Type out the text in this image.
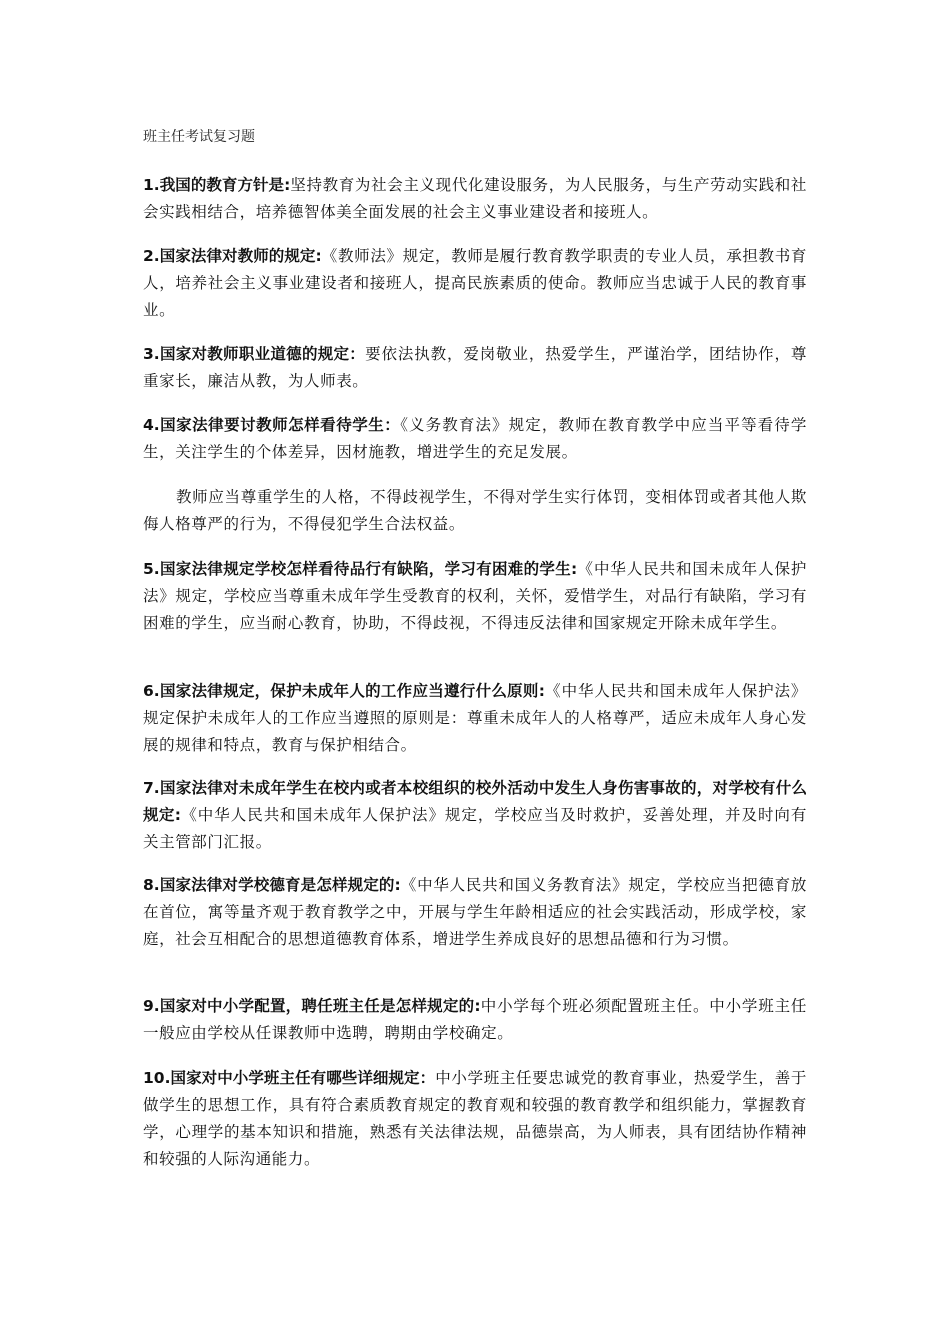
班主任考试复习题

1.我国的教育方针是:坚持教育为社会主义现代化建设服务，为人民服务，与生产劳动实践和社会实践相结合，培养德智体美全面发展的社会主义事业建设者和接班人。

2.国家法律对教师的规定:《教师法》规定，教师是履行教育教学职责的专业人员，承担教书育人，培养社会主义事业建设者和接班人，提高民族素质的使命。教师应当忠诚于人民的教育事业。

3.国家对教师职业道德的规定：要依法执教，爱岗敬业，热爱学生，严谨治学，团结协作，尊重家长，廉洁从教，为人师表。

4.国家法律要讨教师怎样看待学生：《义务教育法》规定，教师在教育教学中应当平等看待学生，关注学生的个体差异，因材施教，增进学生的充足发展。

教师应当尊重学生的人格，不得歧视学生，不得对学生实行体罚，变相体罚或者其他人欺侮人格尊严的行为，不得侵犯学生合法权益。

5.国家法律规定学校怎样看待品行有缺陷，学习有困难的学生:《中华人民共和国未成年人保护法》规定，学校应当尊重未成年学生受教育的权利，关怀，爱惜学生，对品行有缺陷，学习有困难的学生，应当耐心教育，协助，不得歧视，不得违反法律和国家规定开除未成年学生。

6.国家法律规定，保护未成年人的工作应当遵行什么原则:《中华人民共和国未成年人保护法》规定保护未成年人的工作应当遵照的原则是：尊重未成年人的人格尊严，适应未成年人身心发展的规律和特点，教育与保护相结合。

7.国家法律对未成年学生在校内或者本校组织的校外活动中发生人身伤害事故的，对学校有什么规定:《中华人民共和国未成年人保护法》规定，学校应当及时救护，妥善处理，并及时向有关主管部门汇报。

8.国家法律对学校德育是怎样规定的:《中华人民共和国义务教育法》规定，学校应当把德育放在首位，寓等量齐观于教育教学之中，开展与学生年龄相适应的社会实践活动，形成学校，家庭，社会互相配合的思想道德教育体系，增进学生养成良好的思想品德和行为习惯。

9.国家对中小学配置，聘任班主任是怎样规定的:中小学每个班必须配置班主任。中小学班主任一般应由学校从任课教师中选聘，聘期由学校确定。

10.国家对中小学班主任有哪些详细规定：中小学班主任要忠诚党的教育事业，热爱学生，善于做学生的思想工作，具有符合素质教育规定的教育观和较强的教育教学和组织能力，掌握教育学，心理学的基本知识和措施，熟悉有关法律法规，品德崇高，为人师表，具有团结协作精神和较强的人际沟通能力。
